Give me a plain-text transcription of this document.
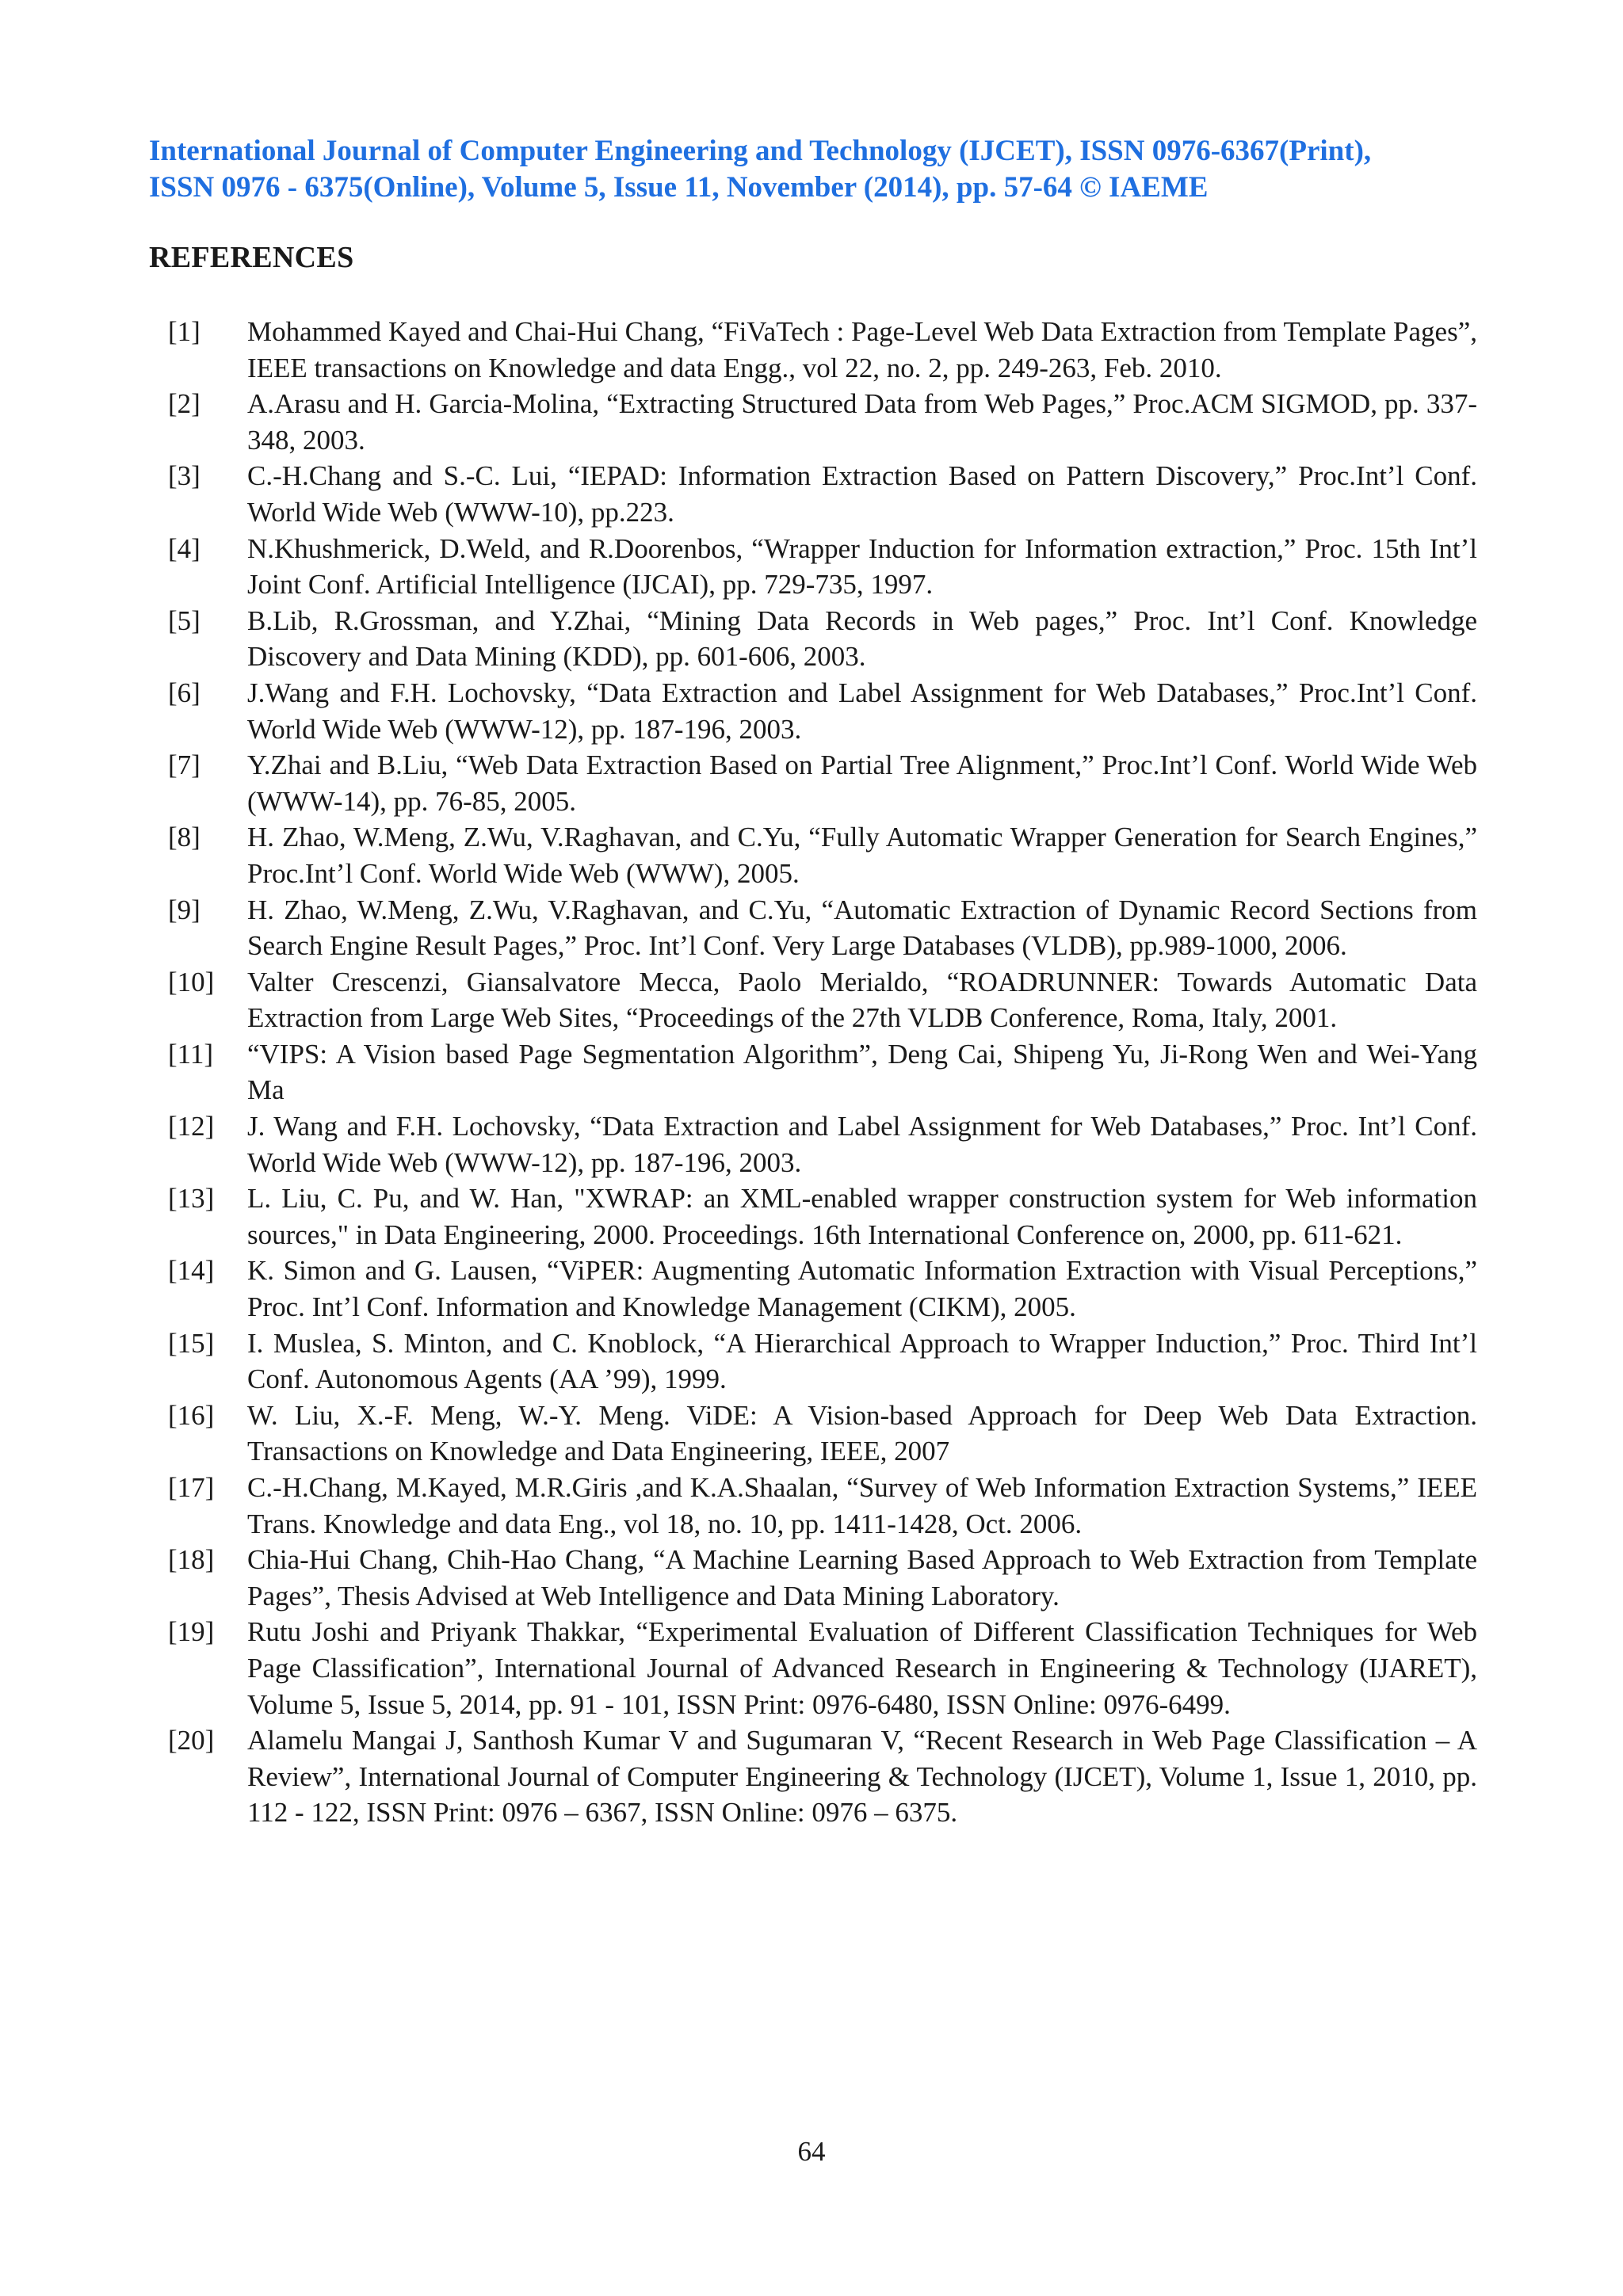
International Journal of Computer Engineering and Technology (IJCET), ISSN 0976-6367(Print),
ISSN 0976 - 6375(Online), Volume 5, Issue 11, November (2014), pp. 57-64 © IAEME
REFERENCES
[1]	Mohammed Kayed and Chai-Hui Chang, “FiVaTech : Page-Level Web Data Extraction from Template Pages”, IEEE transactions on Knowledge and data Engg., vol 22, no. 2, pp. 249-263, Feb. 2010.
[2]	A.Arasu and H. Garcia-Molina, “Extracting Structured Data from Web Pages,” Proc.ACM SIGMOD, pp. 337-348, 2003.
[3]	C.-H.Chang and S.-C. Lui, “IEPAD: Information Extraction Based on Pattern Discovery,” Proc.Int’l Conf. World Wide Web (WWW-10), pp.223.
[4]	N.Khushmerick, D.Weld, and R.Doorenbos, “Wrapper Induction for Information extraction,” Proc. 15th Int’l Joint Conf. Artificial Intelligence (IJCAI), pp. 729-735, 1997.
[5]	B.Lib, R.Grossman, and Y.Zhai, “Mining Data Records in Web pages,” Proc. Int’l Conf. Knowledge Discovery and Data Mining (KDD), pp. 601-606, 2003.
[6]	J.Wang and F.H. Lochovsky, “Data Extraction and Label Assignment for Web Databases,” Proc.Int’l Conf. World Wide Web (WWW-12), pp. 187-196, 2003.
[7]	Y.Zhai and B.Liu, “Web Data Extraction Based on Partial Tree Alignment,” Proc.Int’l Conf. World Wide Web (WWW-14), pp. 76-85, 2005.
[8]	H. Zhao, W.Meng, Z.Wu, V.Raghavan, and C.Yu, “Fully Automatic Wrapper Generation for Search Engines,” Proc.Int’l Conf. World Wide Web (WWW), 2005.
[9]	H. Zhao, W.Meng, Z.Wu, V.Raghavan, and C.Yu, “Automatic Extraction of Dynamic Record Sections from Search Engine Result Pages,” Proc. Int’l Conf. Very Large Databases (VLDB), pp.989-1000, 2006.
[10]	Valter Crescenzi, Giansalvatore Mecca, Paolo Merialdo, “ROADRUNNER: Towards Automatic Data Extraction from Large Web Sites, “Proceedings of the 27th VLDB Conference, Roma, Italy, 2001.
[11]	“VIPS: A Vision based Page Segmentation Algorithm”, Deng Cai, Shipeng Yu, Ji-Rong Wen and Wei-Yang Ma
[12]	J. Wang and F.H. Lochovsky, “Data Extraction and Label Assignment for Web Databases,” Proc. Int’l Conf. World Wide Web (WWW-12), pp. 187-196, 2003.
[13]	L. Liu, C. Pu, and W. Han, "XWRAP: an XML-enabled wrapper construction system for Web information sources," in Data Engineering, 2000. Proceedings. 16th International Conference on, 2000, pp. 611-621.
[14]	K. Simon and G. Lausen, “ViPER: Augmenting Automatic Information Extraction with Visual Perceptions,” Proc. Int’l Conf. Information and Knowledge Management (CIKM), 2005.
[15]	I. Muslea, S. Minton, and C. Knoblock, “A Hierarchical Approach to Wrapper Induction,” Proc. Third Int’l Conf. Autonomous Agents (AA ’99), 1999.
[16]	W. Liu, X.-F. Meng, W.-Y. Meng. ViDE: A Vision-based Approach for Deep Web Data Extraction. Transactions on Knowledge and Data Engineering, IEEE, 2007
[17]	C.-H.Chang, M.Kayed, M.R.Giris ,and K.A.Shaalan, “Survey of Web Information Extraction Systems,” IEEE Trans. Knowledge and data Eng., vol 18, no. 10, pp. 1411-1428, Oct. 2006.
[18]	Chia-Hui Chang, Chih-Hao Chang, “A Machine Learning Based Approach to Web Extraction from Template Pages”, Thesis Advised at Web Intelligence and Data Mining Laboratory.
[19]	Rutu Joshi and Priyank Thakkar, “Experimental Evaluation of Different Classification Techniques for Web Page Classification”, International Journal of Advanced Research in Engineering & Technology (IJARET), Volume 5, Issue 5, 2014, pp. 91 - 101, ISSN Print: 0976-6480, ISSN Online: 0976-6499.
[20]	Alamelu Mangai J, Santhosh Kumar V and Sugumaran V, “Recent Research in Web Page Classification – A Review”, International Journal of Computer Engineering & Technology (IJCET), Volume 1, Issue 1, 2010, pp. 112 - 122, ISSN Print: 0976 – 6367, ISSN Online: 0976 – 6375.
64
